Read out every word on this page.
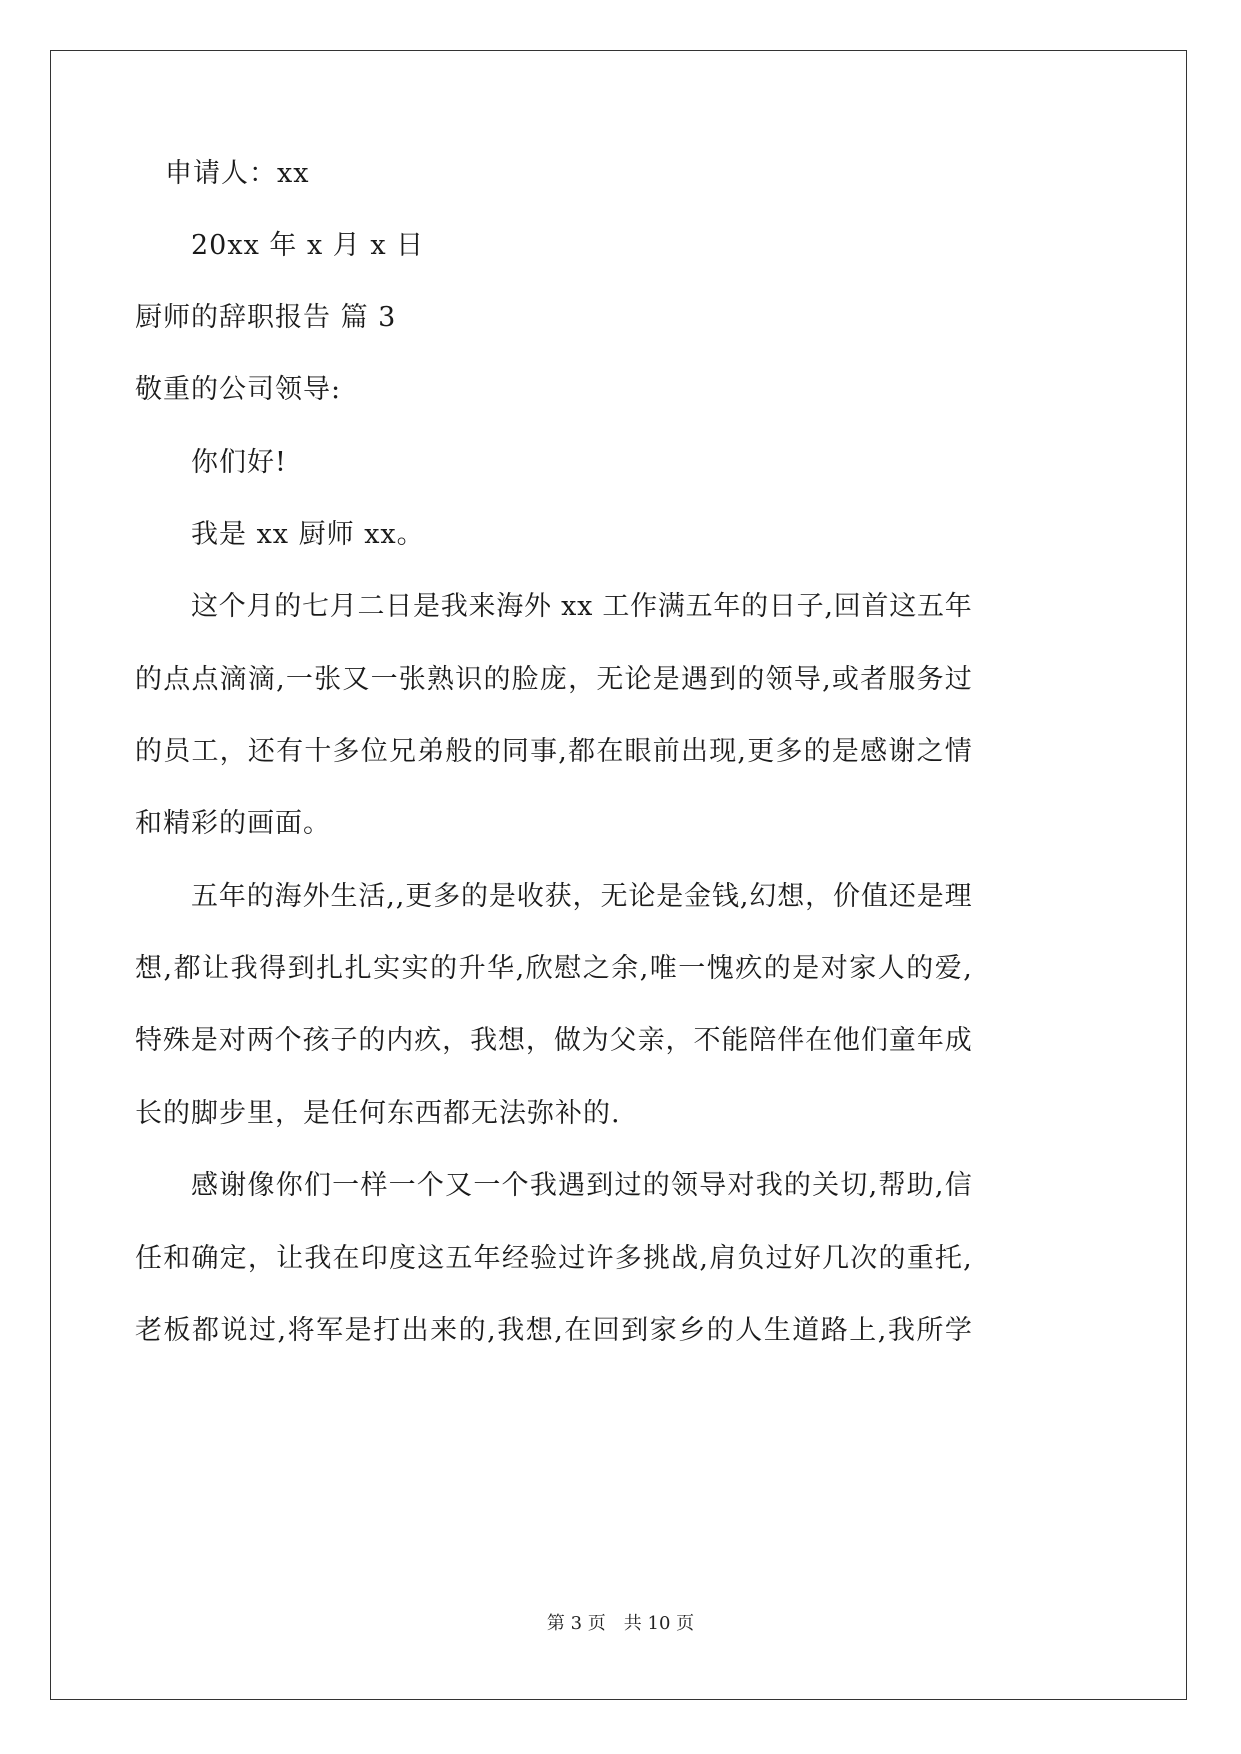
申请人：xx
20xx 年 x 月 x 日
厨师的辞职报告 篇 3
敬重的公司领导:
你们好!
我是 xx 厨师 xx。
这 个 月 的 七 月 二 日 是 我 来 海 外
x x
工 作 满 五 年 的 日 子 , 回 首 这 五 年
的 点 点 滴 滴 , 一 张 又 一 张 熟 识 的 脸 庞 ， 无 论 是 遇 到 的 领 导 , 或 者 服 务 过
的 员 工 ， 还 有 十 多 位 兄 弟 般 的 同 事 , 都 在 眼 前 出 现 , 更 多 的 是 感 谢 之 情
和精彩的画面。
五 年 的 海 外 生 活 , , 更 多 的 是 收 获 ， 无 论 是 金 钱 , 幻 想 ， 价 值 还 是 理
想 , 都 让 我 得 到 扎 扎 实 实 的 升 华 , 欣 慰 之 余 , 唯 一 愧 疚 的 是 对 家 人 的 爱 ,
特 殊 是 对 两 个 孩 子 的 内 疚 ， 我 想 ， 做 为 父 亲 ， 不 能 陪 伴 在 他 们 童 年 成
长的脚步里，是任何东西都无法弥补的.
感 谢 像 你 们 一 样 一 个 又 一 个 我 遇 到 过 的 领 导 对 我 的 关 切 , 帮 助 , 信
任 和 确 定 ， 让 我 在 印 度 这 五 年 经 验 过 许 多 挑 战 , 肩 负 过 好 几 次 的 重 托 ,
老 板 都 说 过 , 将 军 是 打 出 来 的 , 我 想 , 在 回 到 家 乡 的 人 生 道 路 上 , 我 所 学
第 3 页　共 10 页
